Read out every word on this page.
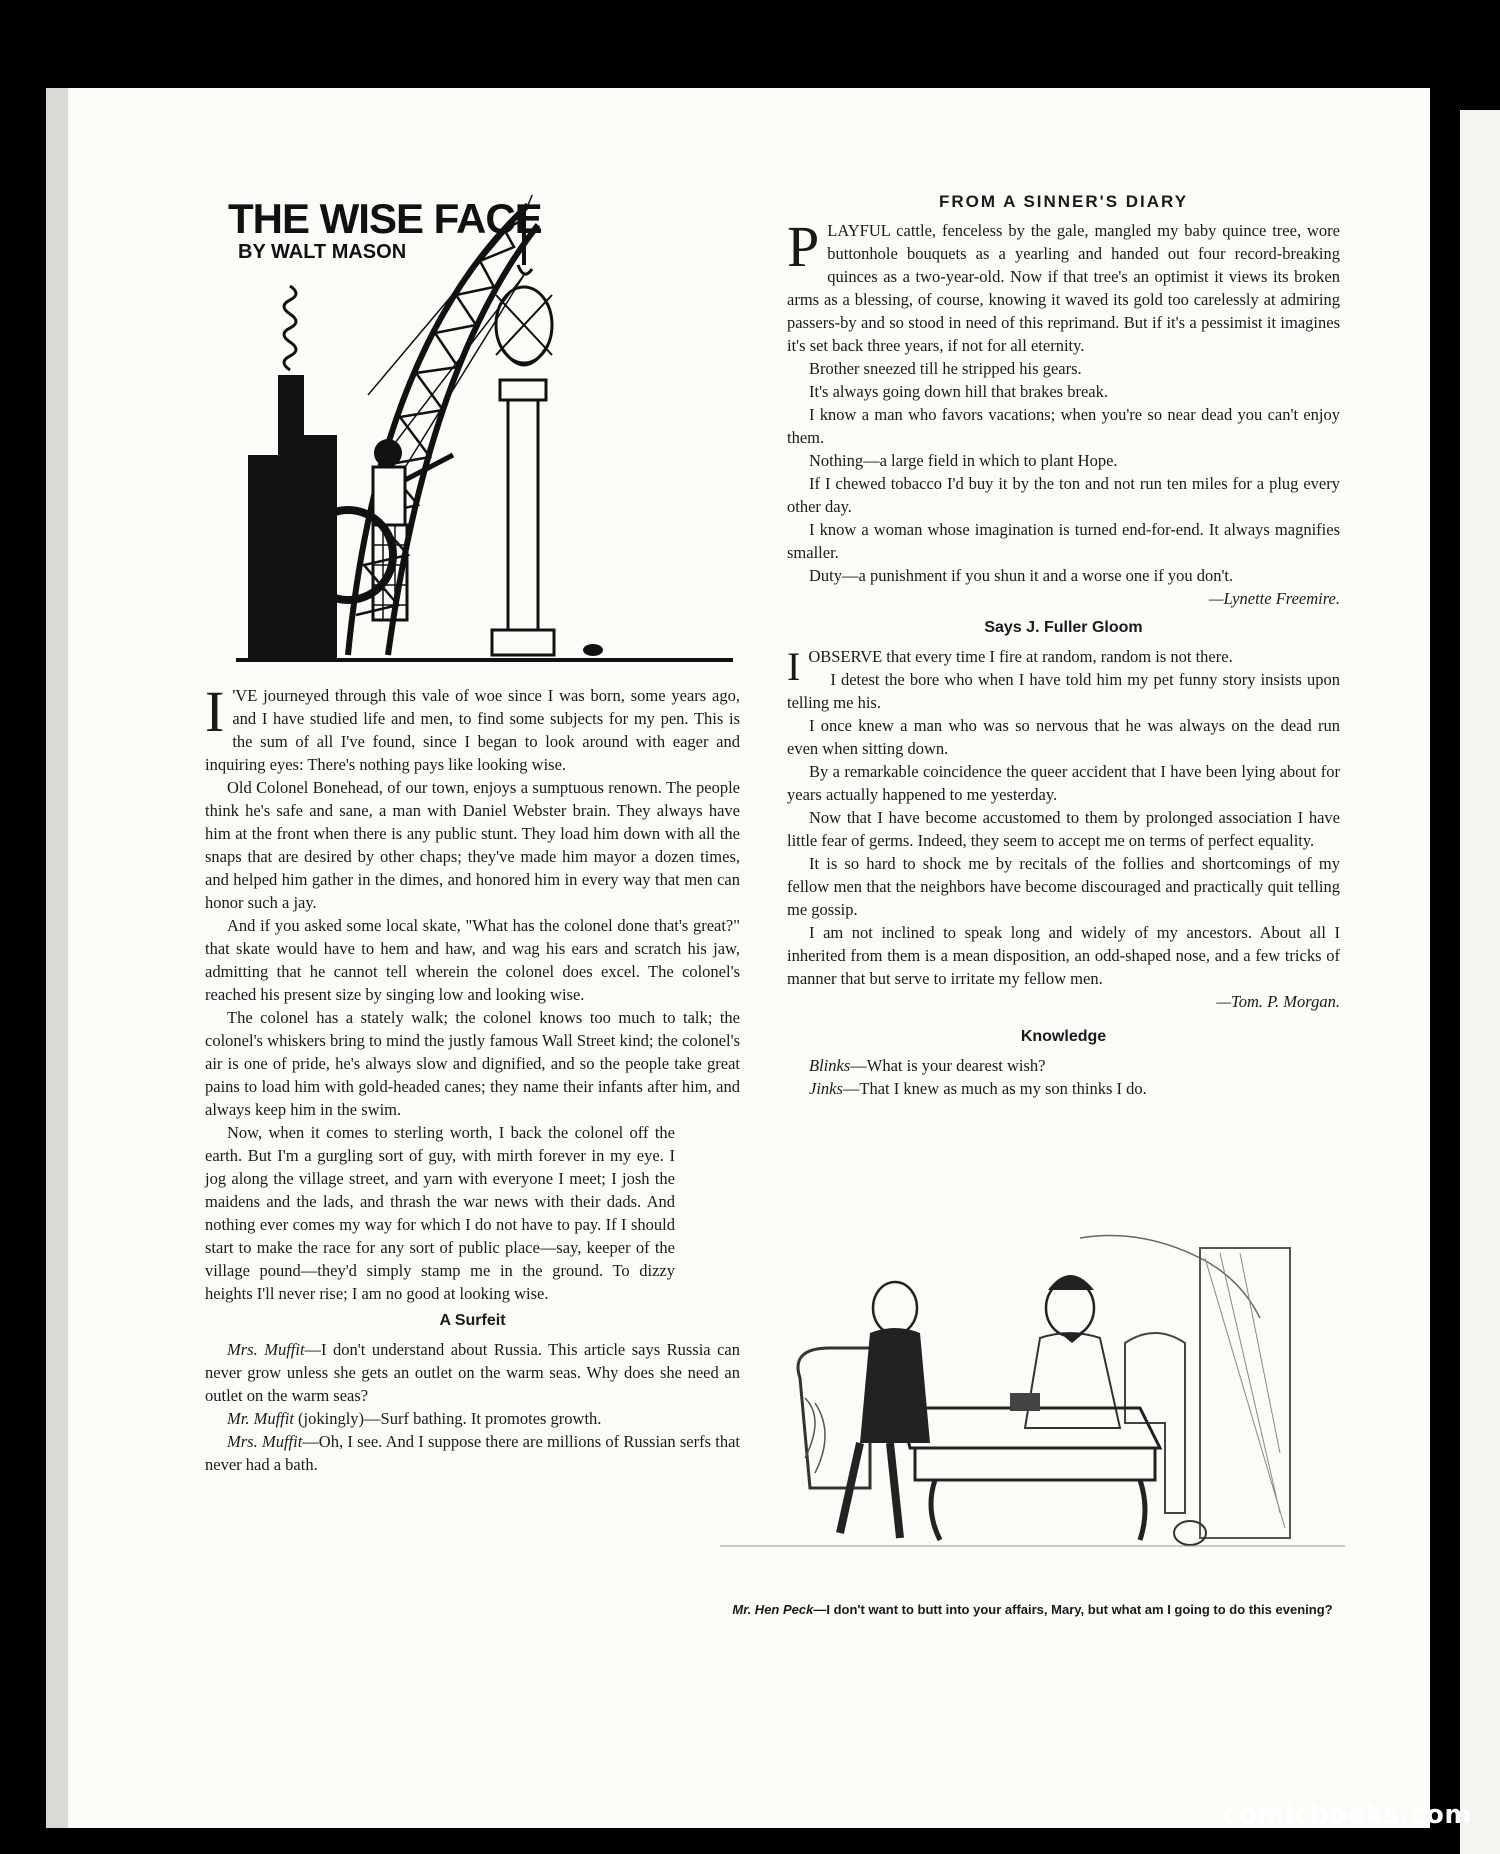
THE WISE FACE
BY WALT MASON

I 'VE journeyed through this vale of woe since I was born, some years ago, and I have studied life and men, to find some subjects for my pen. This is the sum of all I've found, since I began to look around with eager and inquiring eyes: There's nothing pays like looking wise.

Old Colonel Bonehead, of our town, enjoys a sumptuous renown. The people think he's safe and sane, a man with Daniel Webster brain. They always have him at the front when there is any public stunt. They load him down with all the snaps that are desired by other chaps; they've made him mayor a dozen times, and helped him gather in the dimes, and honored him in every way that men can honor such a jay.

And if you asked some local skate, "What has the colonel done that's great?" that skate would have to hem and haw, and wag his ears and scratch his jaw, admitting that he cannot tell wherein the colonel does excel. The colonel's reached his present size by singing low and looking wise.

The colonel has a stately walk; the colonel knows too much to talk; the colonel's whiskers bring to mind the justly famous Wall Street kind; the colonel's air is one of pride, he's always slow and dignified, and so the people take great pains to load him with gold-headed canes; they name their infants after him, and always keep him in the swim.

Now, when it comes to sterling worth, I back the colonel off the earth. But I'm a gurgling sort of guy, with mirth forever in my eye. I jog along the village street, and yarn with everyone I meet; I josh the maidens and the lads, and thrash the war news with their dads. And nothing ever comes my way for which I do not have to pay. If I should start to make the race for any sort of public place—say, keeper of the village pound—they'd simply stamp me in the ground. To dizzy heights I'll never rise; I am no good at looking wise.

A Surfeit

Mrs. Muffit—I don't understand about Russia. This article says Russia can never grow unless she gets an outlet on the warm seas. Why does she need an outlet on the warm seas?

Mr. Muffit (jokingly)—Surf bathing. It promotes growth.

Mrs. Muffit—Oh, I see. And I suppose there are millions of Russian serfs that never had a bath.

FROM A SINNER'S DIARY

PLAYFUL cattle, fenceless by the gale, mangled my baby quince tree, wore buttonhole bouquets as a yearling and handed out four record-breaking quinces as a two-year-old. Now if that tree's an optimist it views its broken arms as a blessing, of course, knowing it waved its gold too carelessly at admiring passers-by and so stood in need of this reprimand. But if it's a pessimist it imagines it's set back three years, if not for all eternity.

Brother sneezed till he stripped his gears.

It's always going down hill that brakes break.

I know a man who favors vacations; when you're so near dead you can't enjoy them.

Nothing—a large field in which to plant Hope.

If I chewed tobacco I'd buy it by the ton and not run ten miles for a plug every other day.

I know a woman whose imagination is turned end-for-end. It always magnifies smaller.

Duty—a punishment if you shun it and a worse one if you don't.

—Lynette Freemire.
Says J. Fuller Gloom

IOBSERVE that every time I fire at random, random is not there.

I detest the bore who when I have told him my pet funny story insists upon telling me his.

I once knew a man who was so nervous that he was always on the dead run even when sitting down.

By a remarkable coincidence the queer accident that I have been lying about for years actually happened to me yesterday.

Now that I have become accustomed to them by prolonged association I have little fear of germs. Indeed, they seem to accept me on terms of perfect equality.

It is so hard to shock me by recitals of the follies and shortcomings of my fellow men that the neighbors have become discouraged and practically quit telling me gossip.

I am not inclined to speak long and widely of my ancestors. About all I inherited from them is a mean disposition, an odd-shaped nose, and a few tricks of manner that but serve to irritate my fellow men.

—Tom. P. Morgan.
Knowledge

Blinks—What is your dearest wish?

Jinks—That I knew as much as my son thinks I do.

Mr. Hen Peck—I don't want to butt into your affairs, Mary, but what am I going to do this evening?
comicbooks.com
